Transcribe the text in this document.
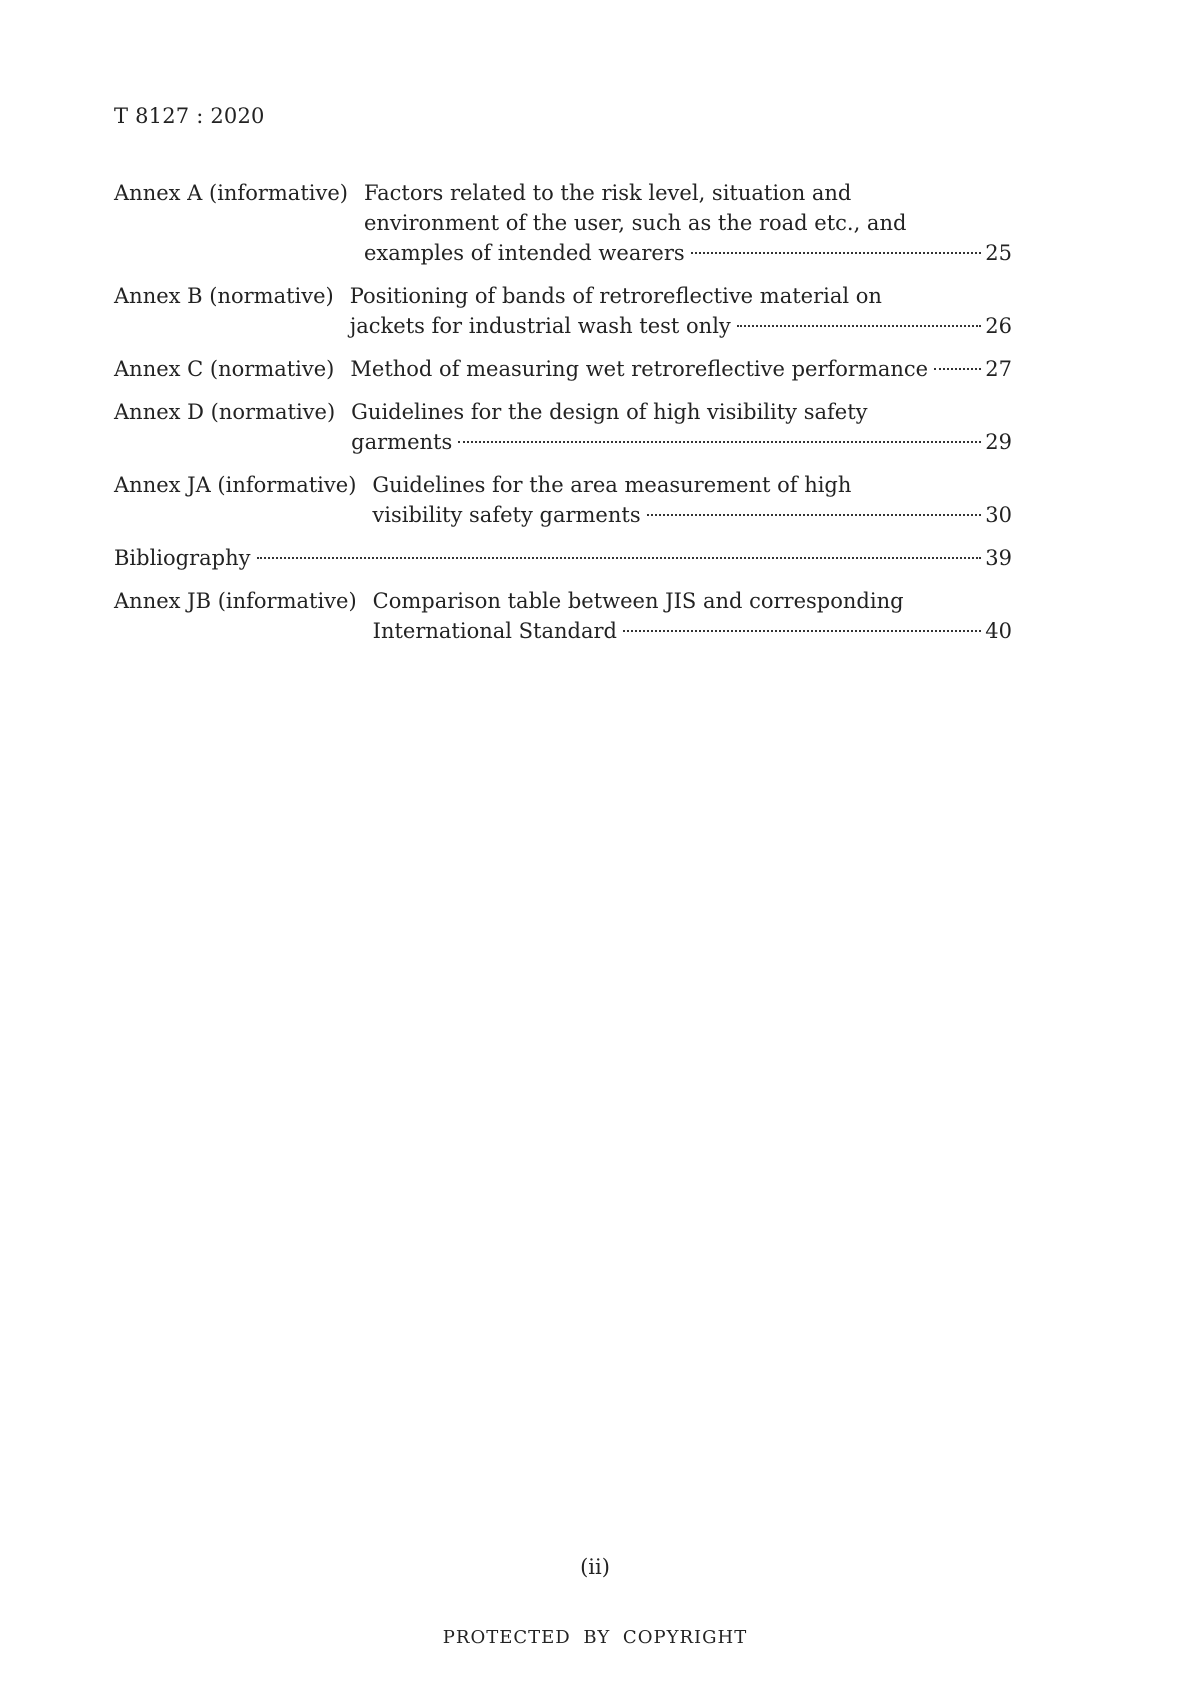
T 8127 : 2020
Annex A (informative) Factors related to the risk level, situation and
environment of the user, such as the road etc., and
examples of intended wearers	25
Annex B (normative) Positioning of bands of retroreflective material on
jackets for industrial wash test only	26
Annex C (normative) Method of measuring wet retroreflective performance	27
Annex D (normative) Guidelines for the design of high visibility safety
garments	29
Annex JA (informative) Guidelines for the area measurement of high
visibility safety garments	30
Bibliography	39
Annex JB (informative) Comparison table between JIS and corresponding
International Standard	40
(ii)
PROTECTED BY COPYRIGHT
